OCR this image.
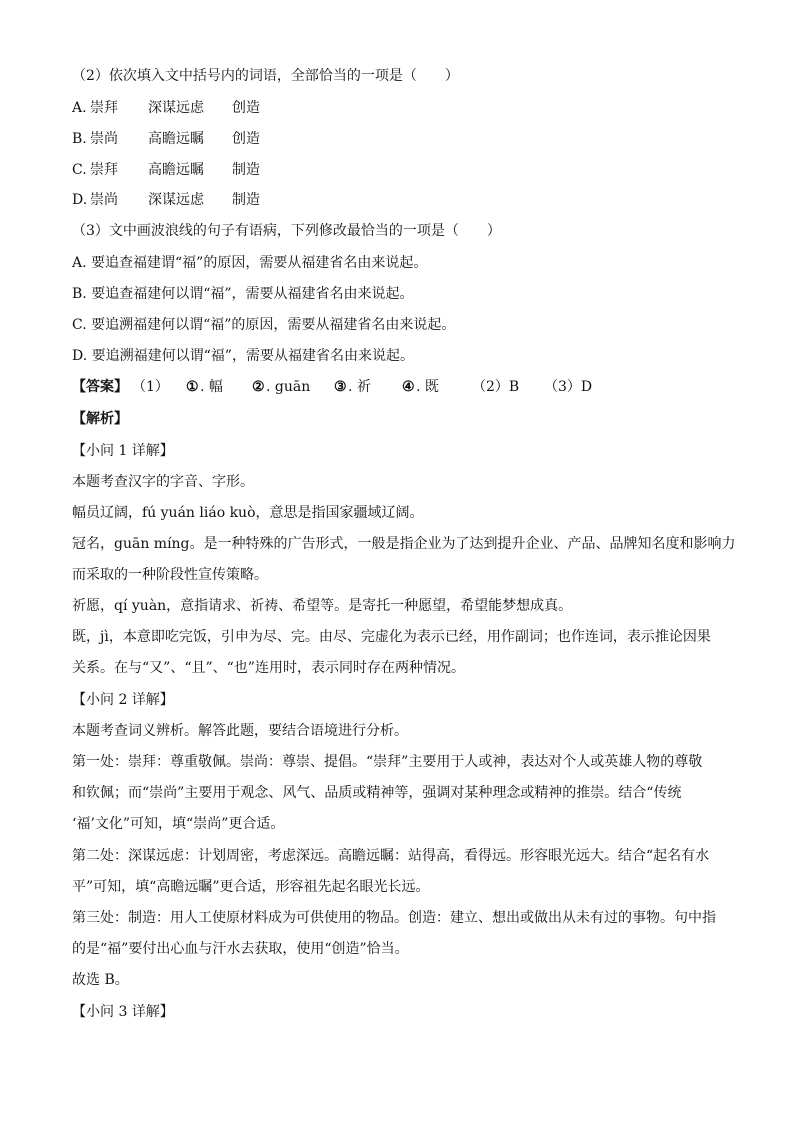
（2）依次填入文中括号内的词语，全部恰当的一项是（　　）
A. 崇拜 深谋远虑 创造
B. 崇尚 高瞻远瞩 创造
C. 崇拜 高瞻远瞩 制造
D. 崇尚 深谋远虑 制造
（3）文中画波浪线的句子有语病，下列修改最恰当的一项是（　　）
A. 要追查福建谓“福”的原因，需要从福建省名由来说起。
B. 要追查福建何以谓“福”，需要从福建省名由来说起。
C. 要追溯福建何以谓“福”的原因，需要从福建省名由来说起。
D. 要追溯福建何以谓“福”，需要从福建省名由来说起。
【答案】 （1） ① . 幅 ② . guān ③ . 祈 ④ . 既 （2）B （3）D
【解析】
【小问 1 详解】
本题考查汉字的字音、字形。
幅员辽阔，fú yuán liáo kuò，意思是指国家疆域辽阔。
冠名，guān míng。是一种特殊的广告形式，一般是指企业为了达到提升企业、产品、品牌知名度和影响力
而采取的一种阶段性宣传策略。
祈愿，qí yuàn，意指请求、祈祷、希望等。是寄托一种愿望，希望能梦想成真。
既，jì，本意即吃完饭，引申为尽、完。由尽、完虚化为表示已经，用作副词；也作连词，表示推论因果
关系。在与“又”、“且”、“也”连用时，表示同时存在两种情况。
【小问 2 详解】
本题考查词义辨析。解答此题，要结合语境进行分析。
第一处：崇拜：尊重敬佩。崇尚：尊崇、提倡。“崇拜”主要用于人或神，表达对个人或英雄人物的尊敬
和钦佩；而“崇尚”主要用于观念、风气、品质或精神等，强调对某种理念或精神的推崇。结合“传统
‘福’文化”可知，填“崇尚”更合适。
第二处：深谋远虑：计划周密，考虑深远。高瞻远瞩：站得高，看得远。形容眼光远大。结合“起名有水
平”可知，填“高瞻远瞩”更合适，形容祖先起名眼光长远。
第三处：制造：用人工使原材料成为可供使用的物品。创造：建立、想出或做出从未有过的事物。句中指
的是“福”要付出心血与汗水去获取，使用“创造”恰当。
故选 B。
【小问 3 详解】
